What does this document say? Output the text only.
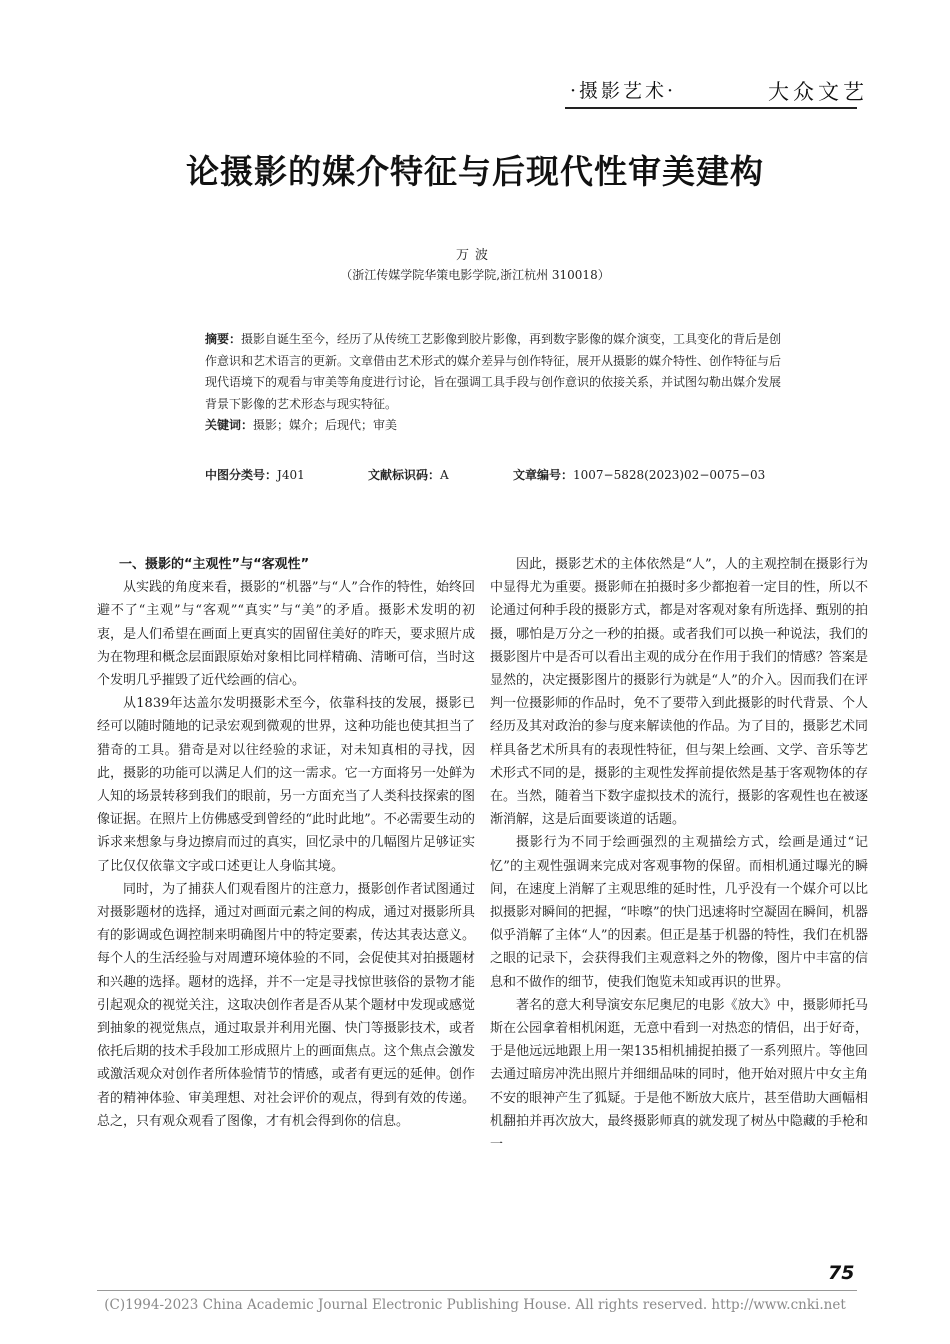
·摄影艺术·	大众文艺
论摄影的媒介特征与后现代性审美建构
万波
（浙江传媒学院华策电影学院,浙江杭州 310018）
摘要：摄影自诞生至今，经历了从传统工艺影像到胶片影像，再到数字影像的媒介演变，工具变化的背后是创作意识和艺术语言的更新。文章借由艺术形式的媒介差异与创作特征，展开从摄影的媒介特性、创作特征与后现代语境下的观看与审美等角度进行讨论，旨在强调工具手段与创作意识的依接关系，并试图勾勒出媒介发展背景下影像的艺术形态与现实特征。
关键词：摄影；媒介；后现代；审美
中图分类号：J401	文献标识码：A	文章编号：1007−5828(2023)02−0075−03
一、摄影的“主观性”与“客观性”

从实践的角度来看，摄影的“机器”与“人”合作的特性，始终回避不了“主观”与“客观”“真实”与“美”的矛盾。摄影术发明的初衷，是人们希望在画面上更真实的固留住美好的昨天，要求照片成为在物理和概念层面跟原始对象相比同样精确、清晰可信，当时这个发明几乎摧毁了近代绘画的信心。

从1839年达盖尔发明摄影术至今，依靠科技的发展，摄影已经可以随时随地的记录宏观到微观的世界，这种功能也使其担当了猎奇的工具。猎奇是对以往经验的求证，对未知真相的寻找，因此，摄影的功能可以满足人们的这一需求。它一方面将另一处鲜为人知的场景转移到我们的眼前，另一方面充当了人类科技探索的图像证据。在照片上仿佛感受到曾经的“此时此地”。不必需要生动的诉求来想象与身边擦肩而过的真实，回忆录中的几幅图片足够证实了比仅仅依靠文字或口述更让人身临其境。

同时，为了捕获人们观看图片的注意力，摄影创作者试图通过对摄影题材的选择，通过对画面元素之间的构成，通过对摄影所具有的影调或色调控制来明确图片中的特定要素，传达其表达意义。每个人的生活经验与对周遭环境体验的不同，会促使其对拍摄题材和兴趣的选择。题材的选择，并不一定是寻找惊世骇俗的景物才能引起观众的视觉关注，这取决创作者是否从某个题材中发现或感觉到抽象的视觉焦点，通过取景并利用光圈、快门等摄影技术，或者依托后期的技术手段加工形成照片上的画面焦点。这个焦点会激发或激活观众对创作者所体验情节的情感，或者有更远的延伸。创作者的精神体验、审美理想、对社会评价的观点，得到有效的传递。总之，只有观众观看了图像，才有机会得到你的信息。

因此，摄影艺术的主体依然是“人”，人的主观控制在摄影行为中显得尤为重要。摄影师在拍摄时多少都抱着一定目的性，所以不论通过何种手段的摄影方式，都是对客观对象有所选择、甄别的拍摄，哪怕是万分之一秒的拍摄。或者我们可以换一种说法，我们的摄影图片中是否可以看出主观的成分在作用于我们的情感？答案是显然的，决定摄影图片的摄影行为就是“人”的介入。因而我们在评判一位摄影师的作品时，免不了要带入到此摄影的时代背景、个人经历及其对政治的参与度来解读他的作品。为了目的，摄影艺术同样具备艺术所具有的表现性特征，但与架上绘画、文学、音乐等艺术形式不同的是，摄影的主观性发挥前提依然是基于客观物体的存在。当然，随着当下数字虚拟技术的流行，摄影的客观性也在被逐渐消解，这是后面要谈道的话题。

摄影行为不同于绘画强烈的主观描绘方式，绘画是通过“记忆”的主观性强调来完成对客观事物的保留。而相机通过曝光的瞬间，在速度上消解了主观思维的延时性，几乎没有一个媒介可以比拟摄影对瞬间的把握，“咔嚓”的快门迅速将时空凝固在瞬间，机器似乎消解了主体“人”的因素。但正是基于机器的特性，我们在机器之眼的记录下，会获得我们主观意料之外的物像，图片中丰富的信息和不做作的细节，使我们饱览未知或再识的世界。

著名的意大利导演安东尼奥尼的电影《放大》中，摄影师托马斯在公园拿着相机闲逛，无意中看到一对热恋的情侣，出于好奇，于是他远远地跟上用一架135相机捕捉拍摄了一系列照片。等他回去通过暗房冲洗出照片并细细品味的同时，他开始对照片中女主角不安的眼神产生了狐疑。于是他不断放大底片，甚至借助大画幅相机翻拍并再次放大，最终摄影师真的就发现了树丛中隐藏的手枪和一

75
(C)1994-2023 China Academic Journal Electronic Publishing House. All rights reserved. http://www.cnki.net
